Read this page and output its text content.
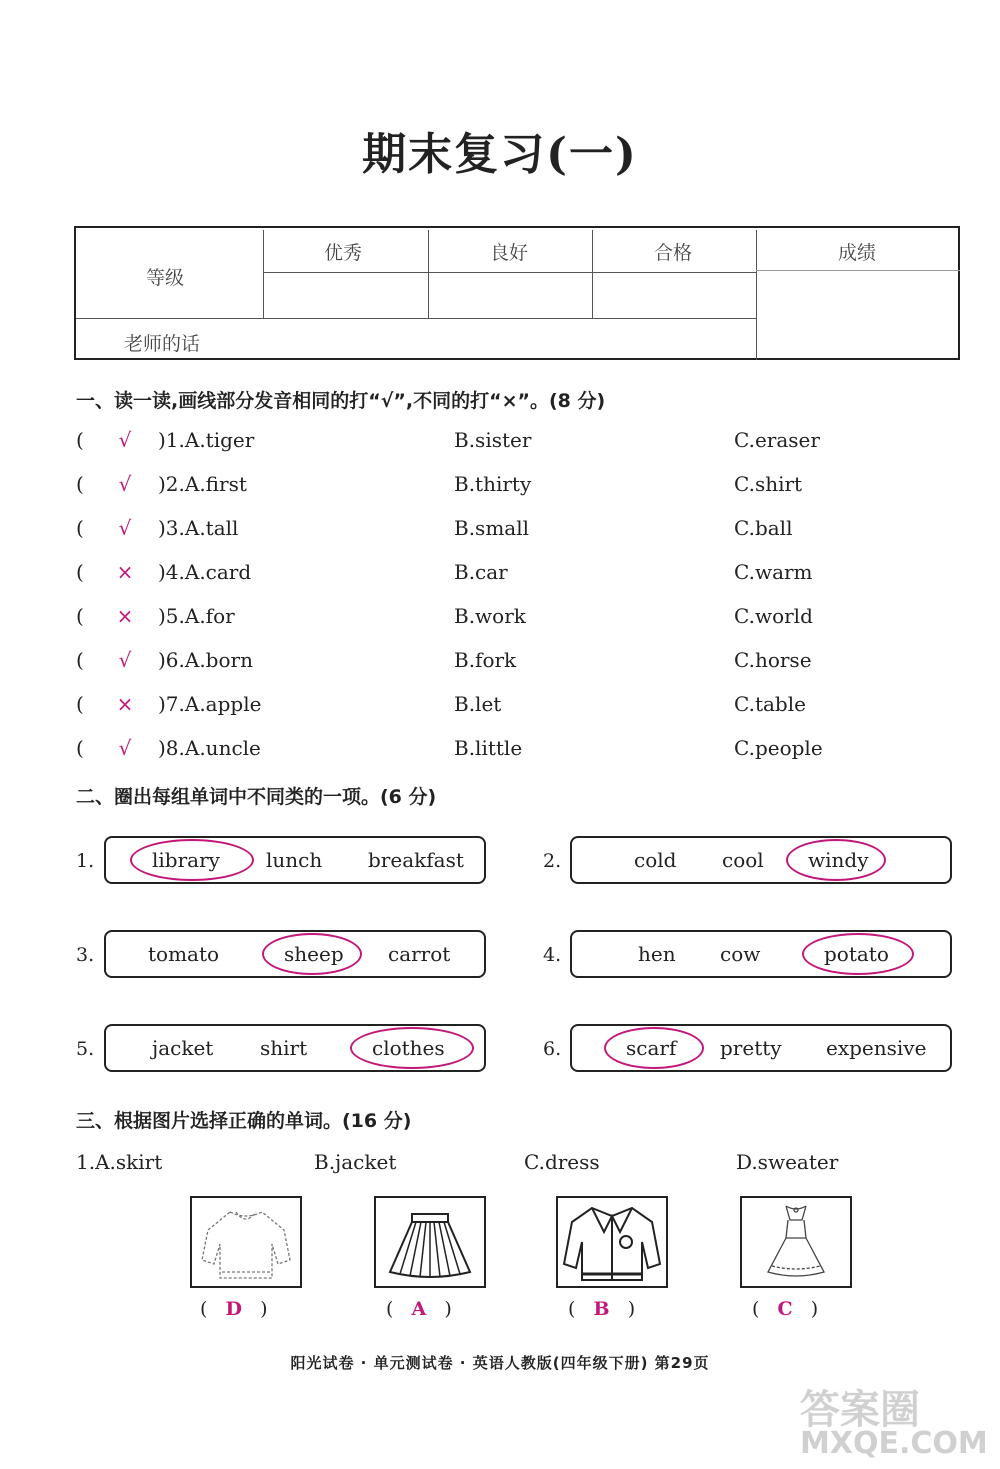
期末复习(一)
等级
优秀	良好	合格	成绩
老师的话
一、读一读,画线部分发音相同的打“√”,不同的打“×”。(8 分)
(	√	)1.A.tiger	B.sister	C.eraser
(	√	)2.A.first	B.thirty	C.shirt
(	√	)3.A.tall	B.small	C.ball
( × )4.A.card	B.car	C.warm
( × )5.A.for	B.work	C.world
(	√	)6.A.born	B.fork	C.horse
( × )7.A.apple	B.let	C.table
(	√	)8.A.uncle	B.little	C.people
二、圈出每组单词中不同类的一项。(6 分)
1.	library lunch breakfast	2.	cold cool windy
3.	tomato	sheep carrot	4.	hen cow	potato
5.	jacket shirt	clothes	6.	scarf pretty expensive
三、根据图片选择正确的单词。(16 分)
1.A.skirt	B.jacket	C.dress	D.sweater
(   D   )	(   A   )	(   B   )	(   C   )
阳光试卷 · 单元测试卷 · 英语人教版(四年级下册) 第29页
答案圈
MXQE.COM
